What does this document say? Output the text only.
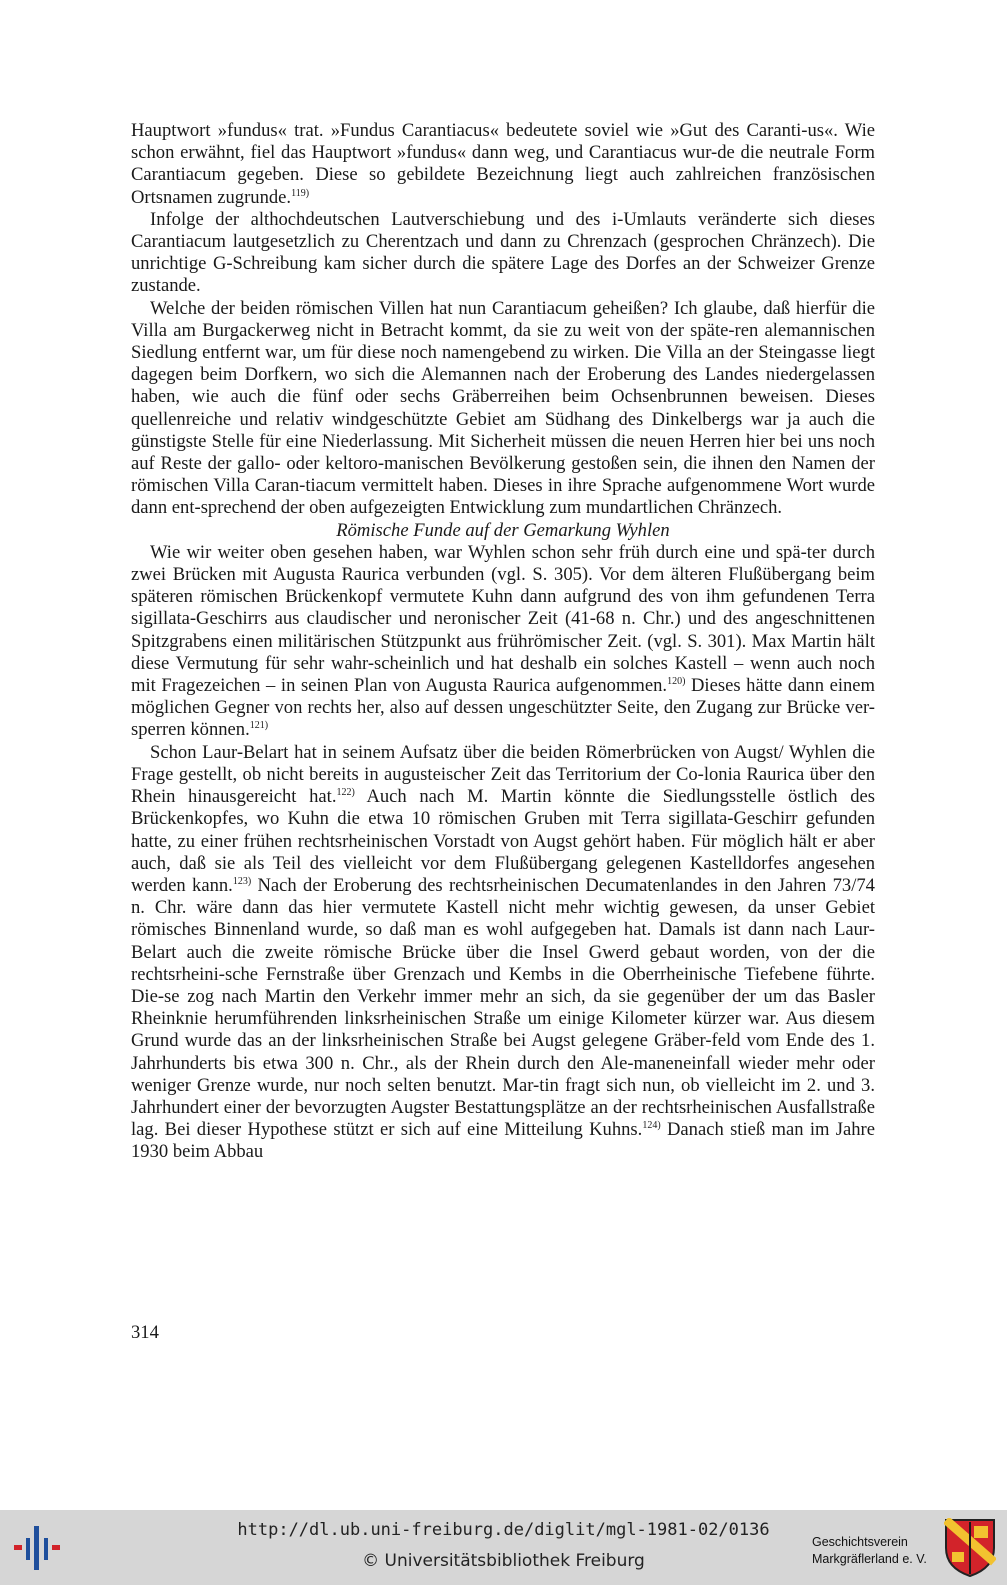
Hauptwort »fundus« trat. »Fundus Carantiacus« bedeutete soviel wie »Gut des Caranti-us«. Wie schon erwähnt, fiel das Hauptwort »fundus« dann weg, und Carantiacus wur-de die neutrale Form Carantiacum gegeben. Diese so gebildete Bezeichnung liegt auch zahlreichen französischen Ortsnamen zugrunde.$^{119)}$

Infolge der althochdeutschen Lautverschiebung und des i-Umlauts veränderte sich dieses Carantiacum lautgesetzlich zu Cherentzach und dann zu Chrenzach (gesprochen Chränzech). Die unrichtige G-Schreibung kam sicher durch die spätere Lage des Dorfes an der Schweizer Grenze zustande.

Welche der beiden römischen Villen hat nun Carantiacum geheißen? Ich glaube, daß hierfür die Villa am Burgackerweg nicht in Betracht kommt, da sie zu weit von der späte-ren alemannischen Siedlung entfernt war, um für diese noch namengebend zu wirken. Die Villa an der Steingasse liegt dagegen beim Dorfkern, wo sich die Alemannen nach der Eroberung des Landes niedergelassen haben, wie auch die fünf oder sechs Gräberreihen beim Ochsenbrunnen beweisen. Dieses quellenreiche und relativ windgeschützte Gebiet am Südhang des Dinkelbergs war ja auch die günstigste Stelle für eine Niederlassung. Mit Sicherheit müssen die neuen Herren hier bei uns noch auf Reste der gallo- oder keltoro-manischen Bevölkerung gestoßen sein, die ihnen den Namen der römischen Villa Caran-tiacum vermittelt haben. Dieses in ihre Sprache aufgenommene Wort wurde dann ent-sprechend der oben aufgezeigten Entwicklung zum mundartlichen Chränzech.

Römische Funde auf der Gemarkung Wyhlen

Wie wir weiter oben gesehen haben, war Wyhlen schon sehr früh durch eine und spä-ter durch zwei Brücken mit Augusta Raurica verbunden (vgl. S. 305). Vor dem älteren Flußübergang beim späteren römischen Brückenkopf vermutete Kuhn dann aufgrund des von ihm gefundenen Terra sigillata-Geschirrs aus claudischer und neronischer Zeit (41-68 n. Chr.) und des angeschnittenen Spitzgrabens einen militärischen Stützpunkt aus frührömischer Zeit. (vgl. S. 301). Max Martin hält diese Vermutung für sehr wahr-scheinlich und hat deshalb ein solches Kastell – wenn auch noch mit Fragezeichen – in seinen Plan von Augusta Raurica aufgenommen.$^{120)}$ Dieses hätte dann einem möglichen Gegner von rechts her, also auf dessen ungeschützter Seite, den Zugang zur Brücke ver-sperren können.$^{121)}$

Schon Laur-Belart hat in seinem Aufsatz über die beiden Römerbrücken von Augst/ Wyhlen die Frage gestellt, ob nicht bereits in augusteischer Zeit das Territorium der Co-lonia Raurica über den Rhein hinausgereicht hat.$^{122)}$ Auch nach M. Martin könnte die Siedlungsstelle östlich des Brückenkopfes, wo Kuhn die etwa 10 römischen Gruben mit Terra sigillata-Geschirr gefunden hatte, zu einer frühen rechtsrheinischen Vorstadt von Augst gehört haben. Für möglich hält er aber auch, daß sie als Teil des vielleicht vor dem Flußübergang gelegenen Kastelldorfes angesehen werden kann.$^{123)}$ Nach der Eroberung des rechtsrheinischen Decumatenlandes in den Jahren 73/74 n. Chr. wäre dann das hier vermutete Kastell nicht mehr wichtig gewesen, da unser Gebiet römisches Binnenland wurde, so daß man es wohl aufgegeben hat. Damals ist dann nach Laur-Belart auch die zweite römische Brücke über die Insel Gwerd gebaut worden, von der die rechtsrheini-sche Fernstraße über Grenzach und Kembs in die Oberrheinische Tiefebene führte. Die-se zog nach Martin den Verkehr immer mehr an sich, da sie gegenüber der um das Basler Rheinknie herumführenden linksrheinischen Straße um einige Kilometer kürzer war. Aus diesem Grund wurde das an der linksrheinischen Straße bei Augst gelegene Gräber-feld vom Ende des 1. Jahrhunderts bis etwa 300 n. Chr., als der Rhein durch den Ale-maneneinfall wieder mehr oder weniger Grenze wurde, nur noch selten benutzt. Mar-tin fragt sich nun, ob vielleicht im 2. und 3. Jahrhundert einer der bevorzugten Augster Bestattungsplätze an der rechtsrheinischen Ausfallstraße lag. Bei dieser Hypothese stützt er sich auf eine Mitteilung Kuhns.$^{124)}$ Danach stieß man im Jahre 1930 beim Abbau

314
http://dl.ub.uni-freiburg.de/diglit/mgl-1981-02/0136
© Universitätsbibliothek Freiburg
Geschichtsverein
Markgräflerland e. V.
